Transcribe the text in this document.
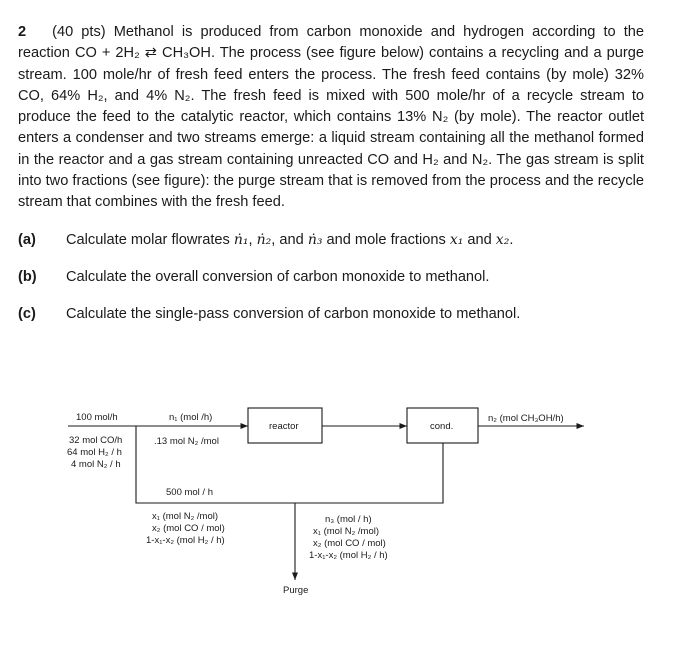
2 (40 pts) Methanol is produced from carbon monoxide and hydrogen according to the reaction CO + 2H₂ ⇄ CH₃OH. The process (see figure below) contains a recycling and a purge stream. 100 mole/hr of fresh feed enters the process. The fresh feed contains (by mole) 32% CO, 64% H₂, and 4% N₂. The fresh feed is mixed with 500 mole/hr of a recycle stream to produce the feed to the catalytic reactor, which contains 13% N₂ (by mole). The reactor outlet enters a condenser and two streams emerge: a liquid stream containing all the methanol formed in the reactor and a gas stream containing unreacted CO and H₂ and N₂. The gas stream is split into two fractions (see figure): the purge stream that is removed from the process and the recycle stream that combines with the fresh feed.
(a) Calculate molar flowrates ṅ₁, ṅ₂, and ṅ₃ and mole fractions x₁ and x₂.
(b) Calculate the overall conversion of carbon monoxide to methanol.
(c) Calculate the single-pass conversion of carbon monoxide to methanol.
100 mol/h
32 mol CO/h
64 mol H₂ / h
4 mol N₂ / h
n₁ (mol /h)
.13 mol N₂ /mol
reactor	cond.
n₂ (mol CH₃OH/h)
500 mol / h
x₁ (mol N₂ /mol)
x₂ (mol CO / mol)
1-x₁-x₂ (mol H₂ / h)
n₃ (mol / h)
x₁ (mol N₂ /mol)
x₂ (mol CO / mol)
1-x₁-x₂ (mol H₂ / h)
Purge
